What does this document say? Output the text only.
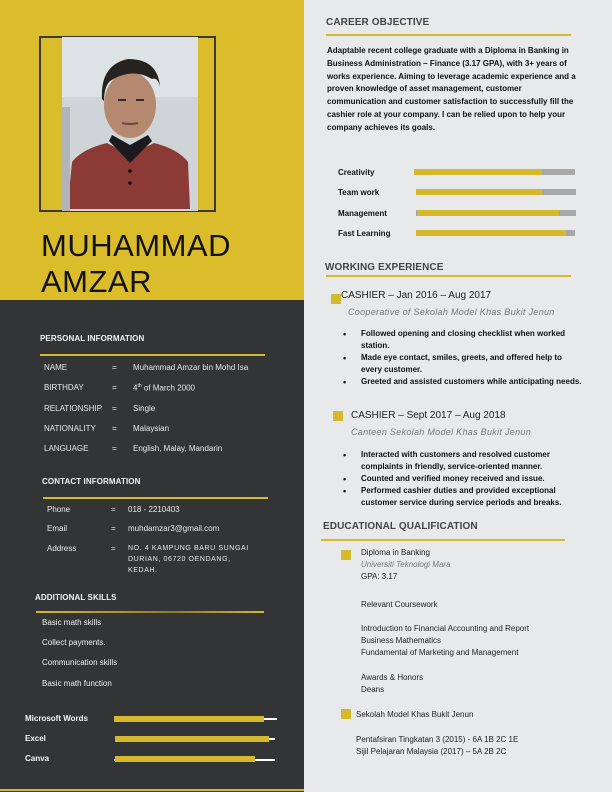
MUHAMMAD
AMZAR
PERSONAL INFORMATION
NAME	= Muhammad Amzar bin Mohd Isa
BIRTHDAY	= 4th of March 2000
RELATIONSHIP = Single
NATIONALITY = Malaysian
LANGUAGE	= English, Malay, Mandarin
CONTACT INFORMATION
Phone	= 018 - 2210403
Email	= muhdamzar3@gmail.com
Address	= NO. 4 KAMPUNG BARU SUNGAI DURIAN, 06720 OENDANG, KEDAH.
ADDITIONAL SKILLS
Basic math skills
Collect payments.
Communication skills
Basic math function
Microsoft Words
Excel
Canva
CAREER OBJECTIVE
Adaptable recent college graduate with a Diploma in Banking in Business Administration – Finance (3.17 GPA), with 3+ years of works experience. Aiming to leverage academic experience and a proven knowledge of asset management, customer communication and customer satisfaction to successfully fill the cashier role at your company. I can be relied upon to help your company achieves its goals.
Creativity
Team work
Management
Fast Learning
WORKING EXPERIENCE
CASHIER – Jan 2016 – Aug 2017
Cooperative of Sekolah Model Khas Bukit Jenun
• Followed opening and closing checklist when worked station.
• Made eye contact, smiles, greets, and offered help to every customer.
• Greeted and assisted customers while anticipating needs.
CASHIER – Sept 2017 – Aug 2018
Canteen Sekolah Model Khas Bukit Jenun
• Interacted with customers and resolved customer complaints in friendly, service-oriented manner.
• Counted and verified money received and issue.
• Performed cashier duties and provided exceptional customer service during service periods and breaks.
EDUCATIONAL QUALIFICATION
Diploma in Banking
Universiti Teknologi Mara
GPA: 3.17
Relevant Coursework
Introduction to Financial Accounting and Report
Business Mathematics
Fundamental of Marketing and Management
Awards & Honors
Deans
Sekolah Model Khas Bukit Jenun
Pentafsiran Tingkatan 3 (2015) - 6A 1B 2C 1E
Sijil Pelajaran Malaysia (2017) – 5A 2B 2C
